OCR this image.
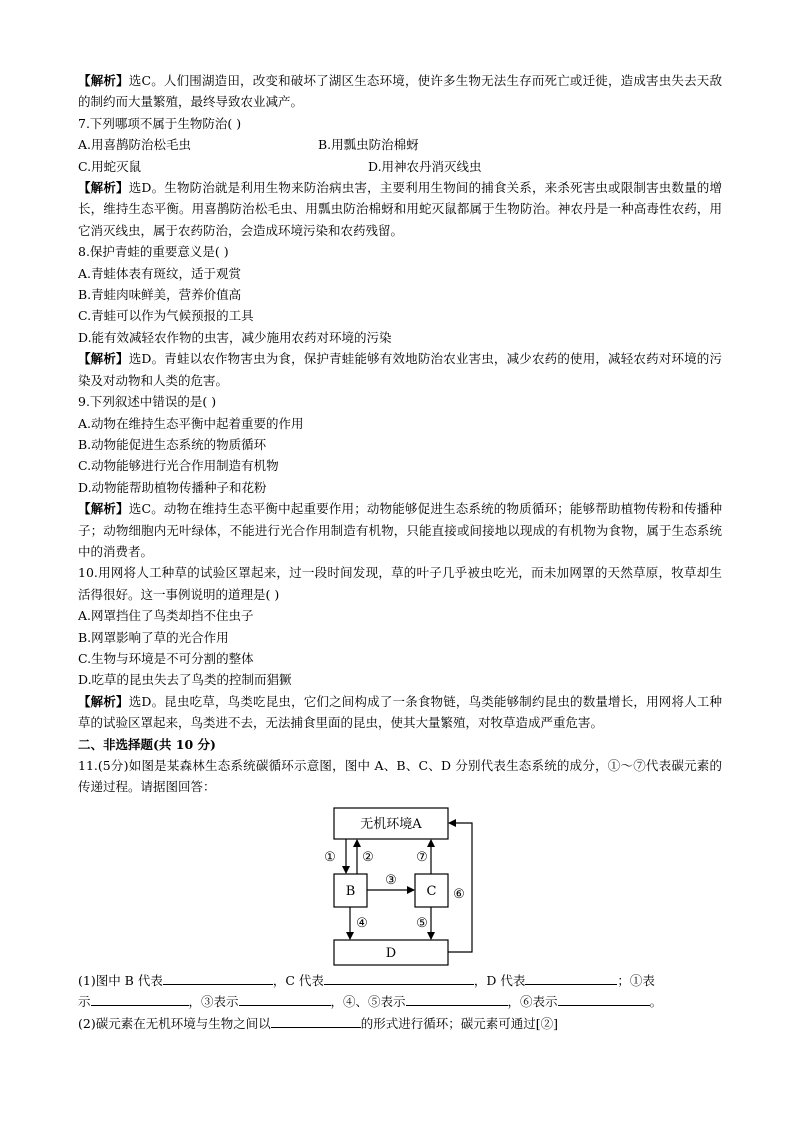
【解析】选C。人们围湖造田，改变和破坏了湖区生态环境，使许多生物无法生存而死亡或迁徙，造成害虫失去天敌的制约而大量繁殖，最终导致农业减产。

7.下列哪项不属于生物防治( )

A.用喜鹊防治松毛虫	B.用瓢虫防治棉蚜
C.用蛇灭鼠	D.用神农丹消灭线虫

【解析】选D。生物防治就是利用生物来防治病虫害，主要利用生物间的捕食关系，来杀死害虫或限制害虫数量的增长，维持生态平衡。用喜鹊防治松毛虫、用瓢虫防治棉蚜和用蛇灭鼠都属于生物防治。神农丹是一种高毒性农药，用它消灭线虫，属于农药防治，会造成环境污染和农药残留。

8.保护青蛙的重要意义是( )

A.青蛙体表有斑纹，适于观赏

B.青蛙肉味鲜美，营养价值高

C.青蛙可以作为气候预报的工具

D.能有效减轻农作物的虫害，减少施用农药对环境的污染

【解析】选D。青蛙以农作物害虫为食，保护青蛙能够有效地防治农业害虫，减少农药的使用，减轻农药对环境的污染及对动物和人类的危害。

9.下列叙述中错误的是( )

A.动物在维持生态平衡中起着重要的作用

B.动物能促进生态系统的物质循环

C.动物能够进行光合作用制造有机物

D.动物能帮助植物传播种子和花粉

【解析】选C。动物在维持生态平衡中起重要作用；动物能够促进生态系统的物质循环；能够帮助植物传粉和传播种子；动物细胞内无叶绿体，不能进行光合作用制造有机物，只能直接或间接地以现成的有机物为食物，属于生态系统中的消费者。

10.用网将人工种草的试验区罩起来，过一段时间发现，草的叶子几乎被虫吃光，而未加网罩的天然草原，牧草却生活得很好。这一事例说明的道理是( )

A.网罩挡住了鸟类却挡不住虫子

B.网罩影响了草的光合作用

C.生物与环境是不可分割的整体

D.吃草的昆虫失去了鸟类的控制而猖獗

【解析】选D。昆虫吃草，鸟类吃昆虫，它们之间构成了一条食物链，鸟类能够制约昆虫的数量增长，用网将人工种草的试验区罩起来，鸟类进不去，无法捕食里面的昆虫，使其大量繁殖，对牧草造成严重危害。

二、非选择题(共 10 分)

11.(5分)如图是某森林生态系统碳循环示意图，图中 A、B、C、D 分别代表生态系统的成分，①～⑦代表碳元素的传递过程。请据图回答：

无机环境A
B	C
D
① ②
③
⑦
④	⑤
⑥

(1)图中 B 代表	，C 代表	，D 代表	；①表

示	，③表示	，④、⑤表示	，⑥表示	。

(2)碳元素在无机环境与生物之间以	的形式进行循环；碳元素可通过[②]
